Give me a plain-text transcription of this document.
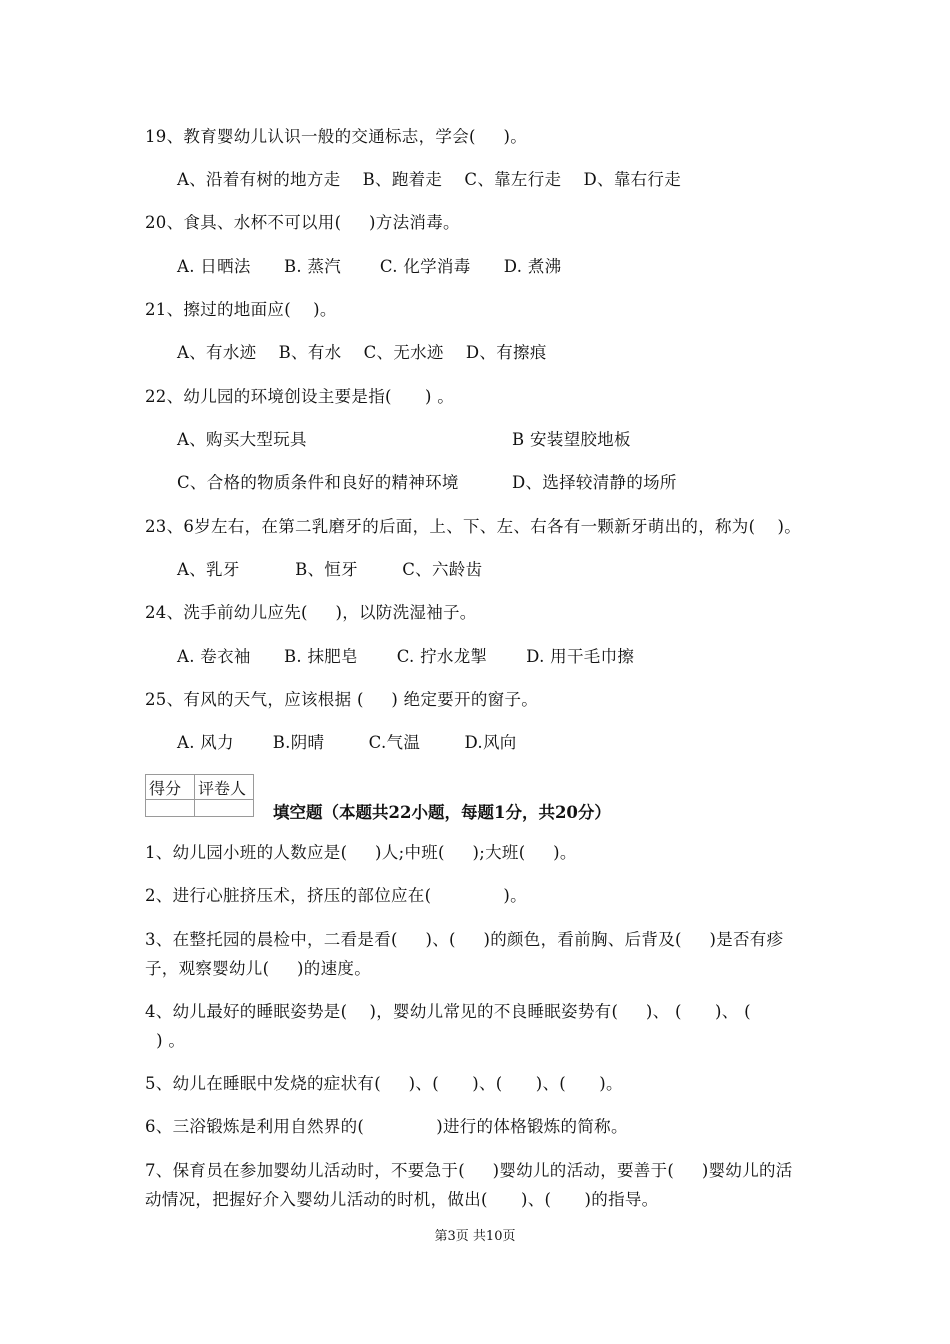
19、教育婴幼儿认识一般的交通标志，学会(     )。
A、沿着有树的地方走    B、跑着走    C、靠左行走    D、靠右行走
20、食具、水杯不可以用(     )方法消毒。
A. 日晒法      B. 蒸汽       C. 化学消毒      D. 煮沸
21、擦过的地面应(    )。
A、有水迹    B、有水    C、无水迹    D、有擦痕
22、幼儿园的环境创设主要是指(      ) 。
A、购买大型玩具	B 安装望胶地板
C、合格的物质条件和良好的精神环境	D、选择较清静的场所
23、6岁左右，在第二乳磨牙的后面，上、下、左、右各有一颗新牙萌出的，称为(    )。
A、乳牙          B、恒牙        C、六龄齿
24、洗手前幼儿应先(     )，以防洗湿袖子。
A. 卷衣袖      B. 抹肥皂       C. 拧水龙掣       D. 用干毛巾擦
25、有风的天气，应该根据 (     ) 绝定要开的窗子。
A. 风力       B.阴晴        C.气温        D.风向
得分	评卷人

填空题（本题共22小题，每题1分，共20分）
1、幼儿园小班的人数应是(     )人;中班(     );大班(     )。
2、进行心脏挤压术，挤压的部位应在(             )。
3、在整托园的晨检中，二看是看(     )、(     )的颜色，看前胸、后背及(     )是否有疹
子，观察婴幼儿(     )的速度。
4、幼儿最好的睡眠姿势是(    )，婴幼儿常见的不良睡眠姿势有(     )、 (      )、 (
) 。
5、幼儿在睡眠中发烧的症状有(     )、(      )、(      )、(      )。
6、三浴锻炼是利用自然界的(             )进行的体格锻炼的简称。
7、保育员在参加婴幼儿活动时，不要急于(     )婴幼儿的活动，要善于(     )婴幼儿的活
动情况，把握好介入婴幼儿活动的时机，做出(      )、(      )的指导。
第3页 共10页
